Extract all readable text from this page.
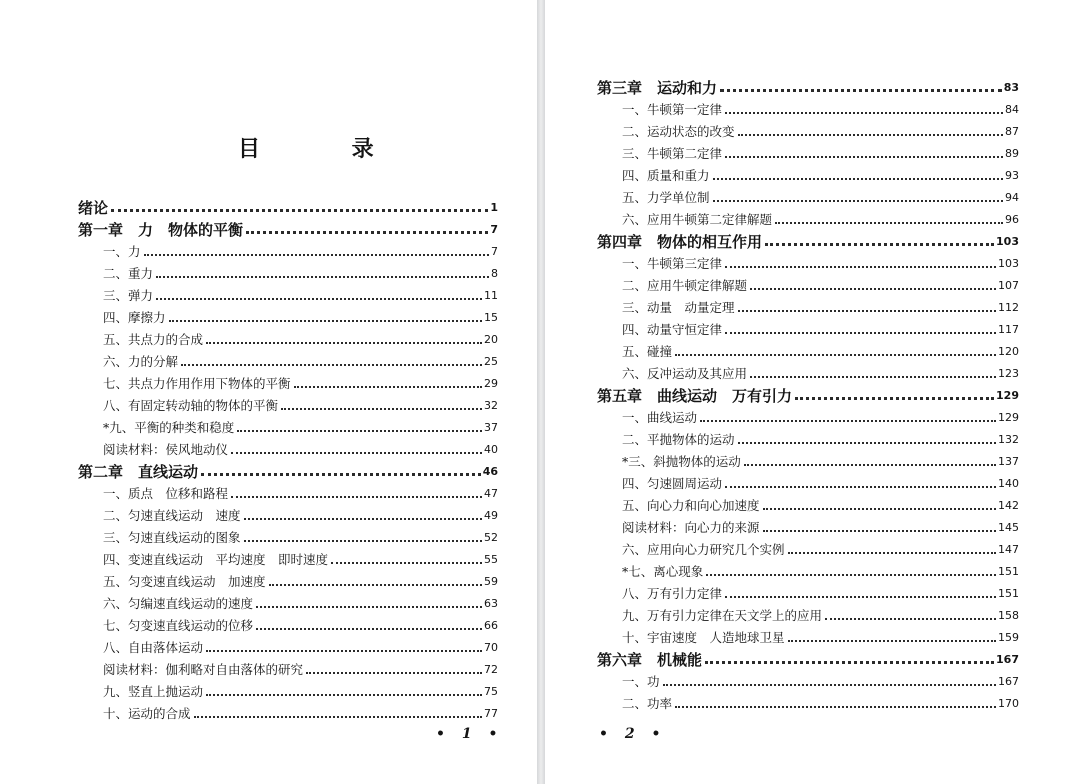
目 录
绪论	1
第一章　力　物体的平衡	7
一、力	7
二、重力	8
三、弹力	11
四、摩擦力	15
五、共点力的合成	20
六、力的分解	25
七、共点力作用作用下物体的平衡	29
八、有固定转动轴的物体的平衡	32
*九、平衡的种类和稳度	37
阅读材料：侯风地动仪	40
第二章　直线运动	46
一、质点　位移和路程	47
二、匀速直线运动　速度	49
三、匀速直线运动的图象	52
四、变速直线运动　平均速度　即时速度	55
五、匀变速直线运动　加速度	59
六、匀编速直线运动的速度	63
七、匀变速直线运动的位移	66
八、自由落体运动	70
阅读材料：伽利略对自由落体的研究	72
九、竖直上抛运动	75
十、运动的合成	77
• 1 •	• 2 •
第三章　运动和力	83
一、牛顿第一定律	84
二、运动状态的改变	87
三、牛顿第二定律	89
四、质量和重力	93
五、力学单位制	94
六、应用牛顿第二定律解题	96
第四章　物体的相互作用	103
一、牛顿第三定律	103
二、应用牛顿定律解题	107
三、动量　动量定理	112
四、动量守恒定律	117
五、碰撞	120
六、反冲运动及其应用	123
第五章　曲线运动　万有引力	129
一、曲线运动	129
二、平抛物体的运动	132
*三、斜抛物体的运动	137
四、匀速圆周运动	140
五、向心力和向心加速度	142
阅读材料：向心力的来源	145
六、应用向心力研究几个实例	147
*七、离心现象	151
八、万有引力定律	151
九、万有引力定律在天文学上的应用	158
十、宇宙速度　人造地球卫星	159
第六章　机械能	167
一、功	167
二、功率	170
